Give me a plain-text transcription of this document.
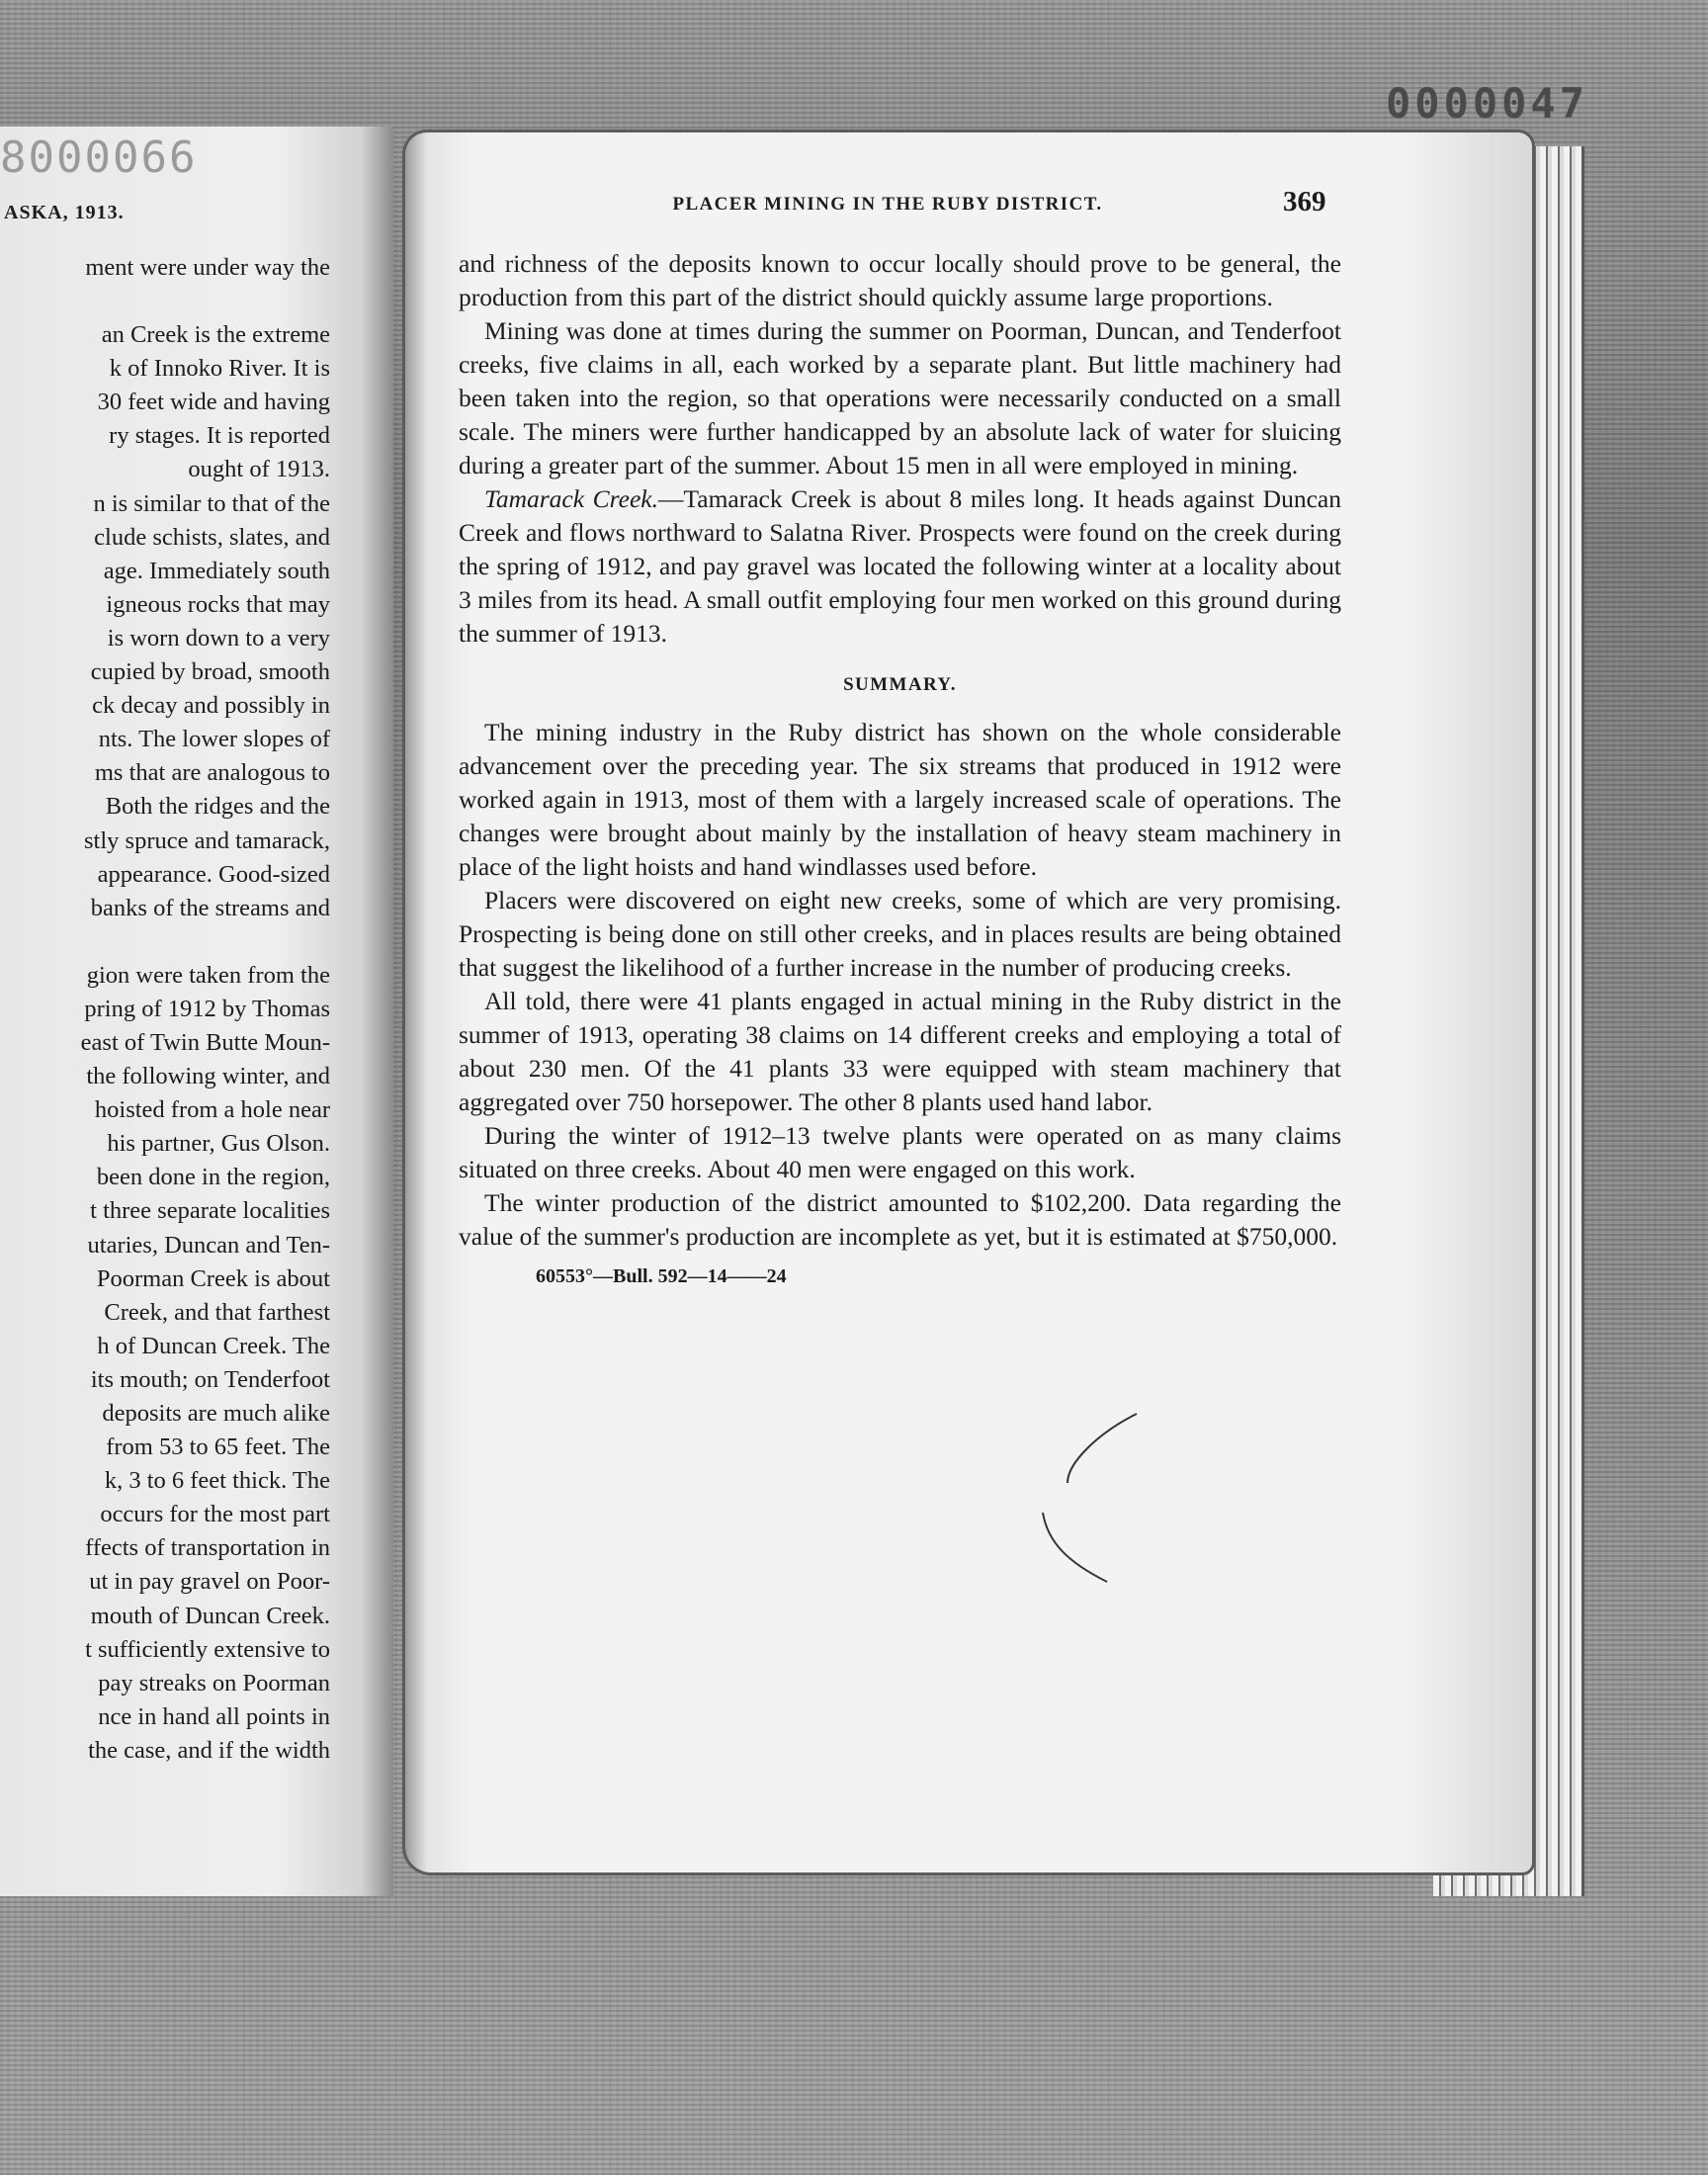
0000047
8000066
ASKA, 1913.
ment were under way the
an Creek is the extreme
k of Innoko River. It is
30 feet wide and having
ry stages. It is reported
ought of 1913.
n is similar to that of the
clude schists, slates, and
age. Immediately south
igneous rocks that may
is worn down to a very
cupied by broad, smooth
ck decay and possibly in
nts. The lower slopes of
ms that are analogous to
Both the ridges and the
stly spruce and tamarack,
appearance. Good-sized
banks of the streams and
gion were taken from the
pring of 1912 by Thomas
east of Twin Butte Moun-
the following winter, and
hoisted from a hole near
his partner, Gus Olson.
been done in the region,
t three separate localities
utaries, Duncan and Ten-
Poorman Creek is about
Creek, and that farthest
h of Duncan Creek. The
its mouth; on Tenderfoot
deposits are much alike
from 53 to 65 feet. The
k, 3 to 6 feet thick. The
occurs for the most part
ffects of transportation in
ut in pay gravel on Poor-
mouth of Duncan Creek.
t sufficiently extensive to
pay streaks on Poorman
nce in hand all points in
the case, and if the width
PLACER MINING IN THE RUBY DISTRICT.	369

and richness of the deposits known to occur locally should prove to be general, the production from this part of the district should quickly assume large proportions.

Mining was done at times during the summer on Poorman, Duncan, and Tenderfoot creeks, five claims in all, each worked by a separate plant. But little machinery had been taken into the region, so that operations were necessarily conducted on a small scale. The miners were further handicapped by an absolute lack of water for sluicing during a greater part of the summer. About 15 men in all were employed in mining.

Tamarack Creek.—Tamarack Creek is about 8 miles long. It heads against Duncan Creek and flows northward to Salatna River. Prospects were found on the creek during the spring of 1912, and pay gravel was located the following winter at a locality about 3 miles from its head. A small outfit employing four men worked on this ground during the summer of 1913.

SUMMARY.

The mining industry in the Ruby district has shown on the whole considerable advancement over the preceding year. The six streams that produced in 1912 were worked again in 1913, most of them with a largely increased scale of operations. The changes were brought about mainly by the installation of heavy steam machinery in place of the light hoists and hand windlasses used before.

Placers were discovered on eight new creeks, some of which are very promising. Prospecting is being done on still other creeks, and in places results are being obtained that suggest the likelihood of a further increase in the number of producing creeks.

All told, there were 41 plants engaged in actual mining in the Ruby district in the summer of 1913, operating 38 claims on 14 different creeks and employing a total of about 230 men. Of the 41 plants 33 were equipped with steam machinery that aggregated over 750 horsepower. The other 8 plants used hand labor.

During the winter of 1912–13 twelve plants were operated on as many claims situated on three creeks. About 40 men were engaged on this work.

The winter production of the district amounted to $102,200. Data regarding the value of the summer's production are incomplete as yet, but it is estimated at $750,000.

60553°—Bull. 592—14——24
